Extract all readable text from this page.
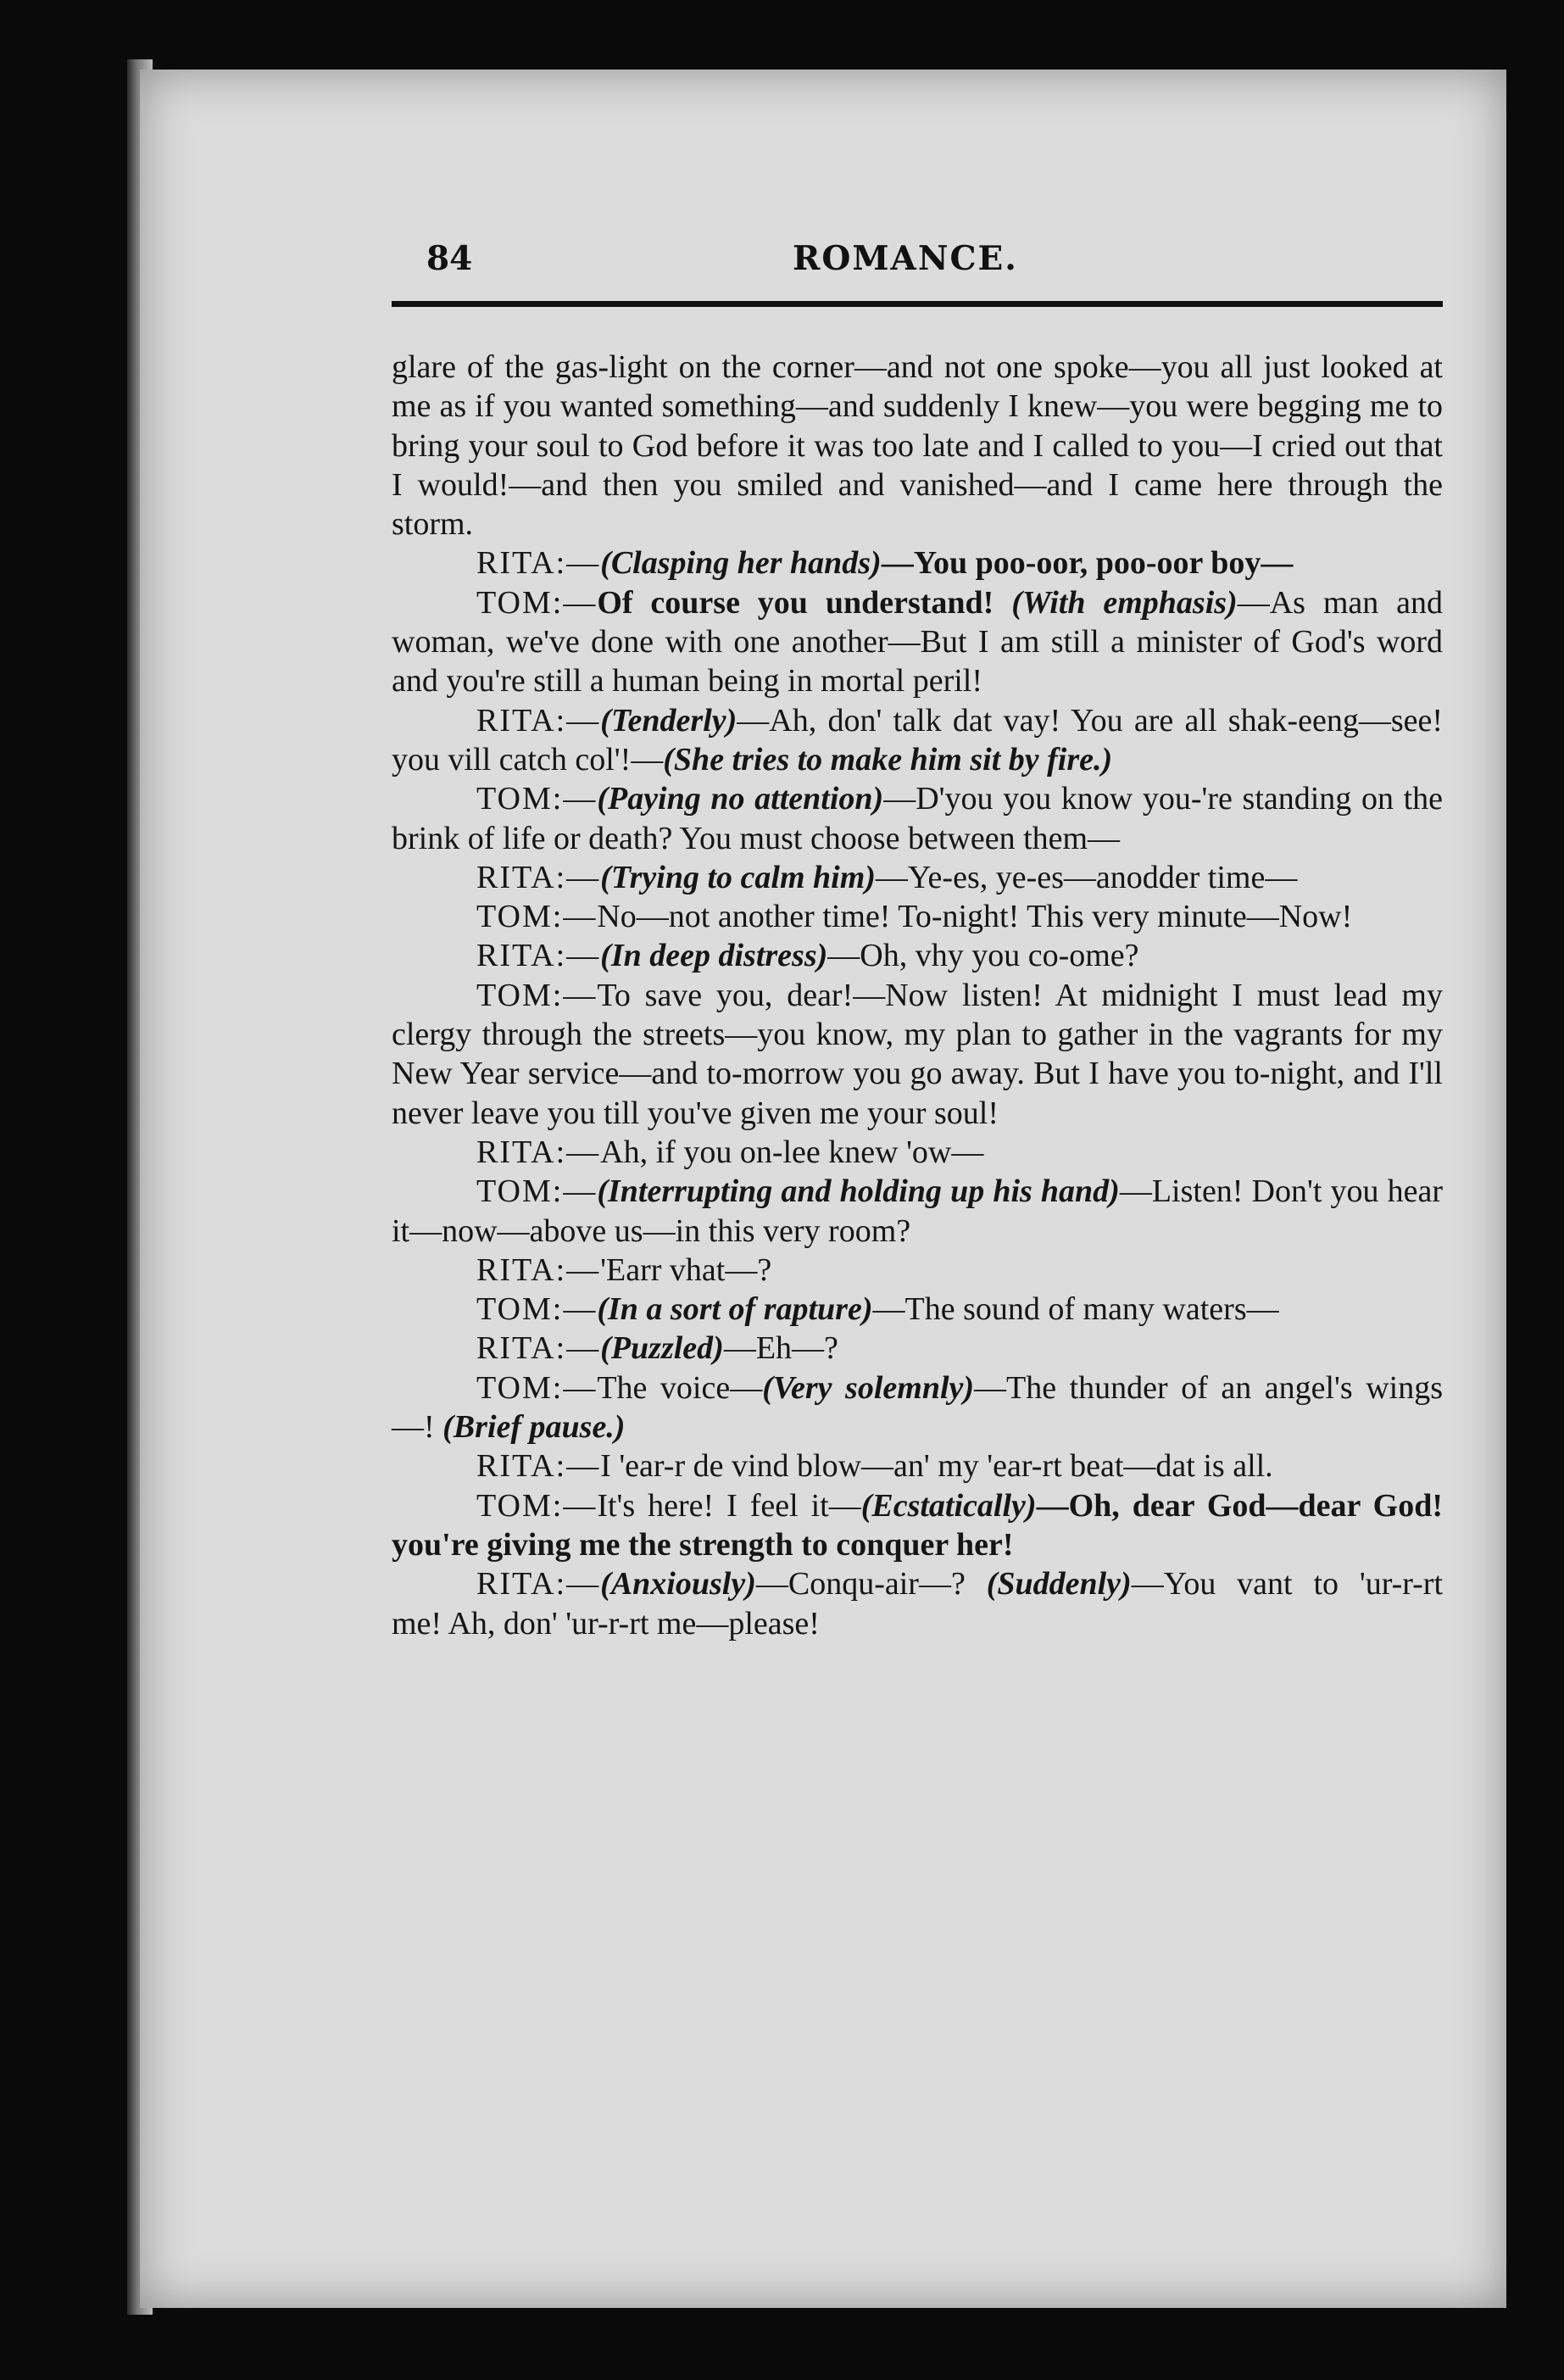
84	ROMANCE.

glare of the gas-light on the corner—and not one spoke—you all just looked at me as if you wanted something—and suddenly I knew—you were begging me to bring your soul to God before it was too late and I called to you—I cried out that I would!—and then you smiled and vanished—and I came here through the storm.

RITA:—(Clasping her hands)—You poo-oor, poo-oor boy—

TOM:—Of course you understand! (With emphasis)—As man and woman, we've done with one another—But I am still a minister of God's word and you're still a human being in mortal peril!

RITA:—(Tenderly)—Ah, don' talk dat vay! You are all shak-eeng—see! you vill catch col'!—(She tries to make him sit by fire.)

TOM:—(Paying no attention)—D'you you know you-'re standing on the brink of life or death? You must choose between them—

RITA:—(Trying to calm him)—Ye-es, ye-es—anodder time—

TOM:—No—not another time! To-night! This very minute—Now!

RITA:—(In deep distress)—Oh, vhy you co-ome?

TOM:—To save you, dear!—Now listen! At midnight I must lead my clergy through the streets—you know, my plan to gather in the vagrants for my New Year service—and to-morrow you go away. But I have you to-night, and I'll never leave you till you've given me your soul!

RITA:—Ah, if you on-lee knew 'ow—

TOM:—(Interrupting and holding up his hand)—Listen! Don't you hear it—now—above us—in this very room?

RITA:—'Earr vhat—?

TOM:—(In a sort of rapture)—The sound of many waters—

RITA:—(Puzzled)—Eh—?

TOM:—The voice—(Very solemnly)—The thunder of an angel's wings—! (Brief pause.)

RITA:—I 'ear-r de vind blow—an' my 'ear-rt beat—dat is all.

TOM:—It's here! I feel it—(Ecstatically)—Oh, dear God—dear God! you're giving me the strength to conquer her!

RITA:—(Anxiously)—Conqu-air—? (Suddenly)—You vant to 'ur-r-rt me! Ah, don' 'ur-r-rt me—please!
